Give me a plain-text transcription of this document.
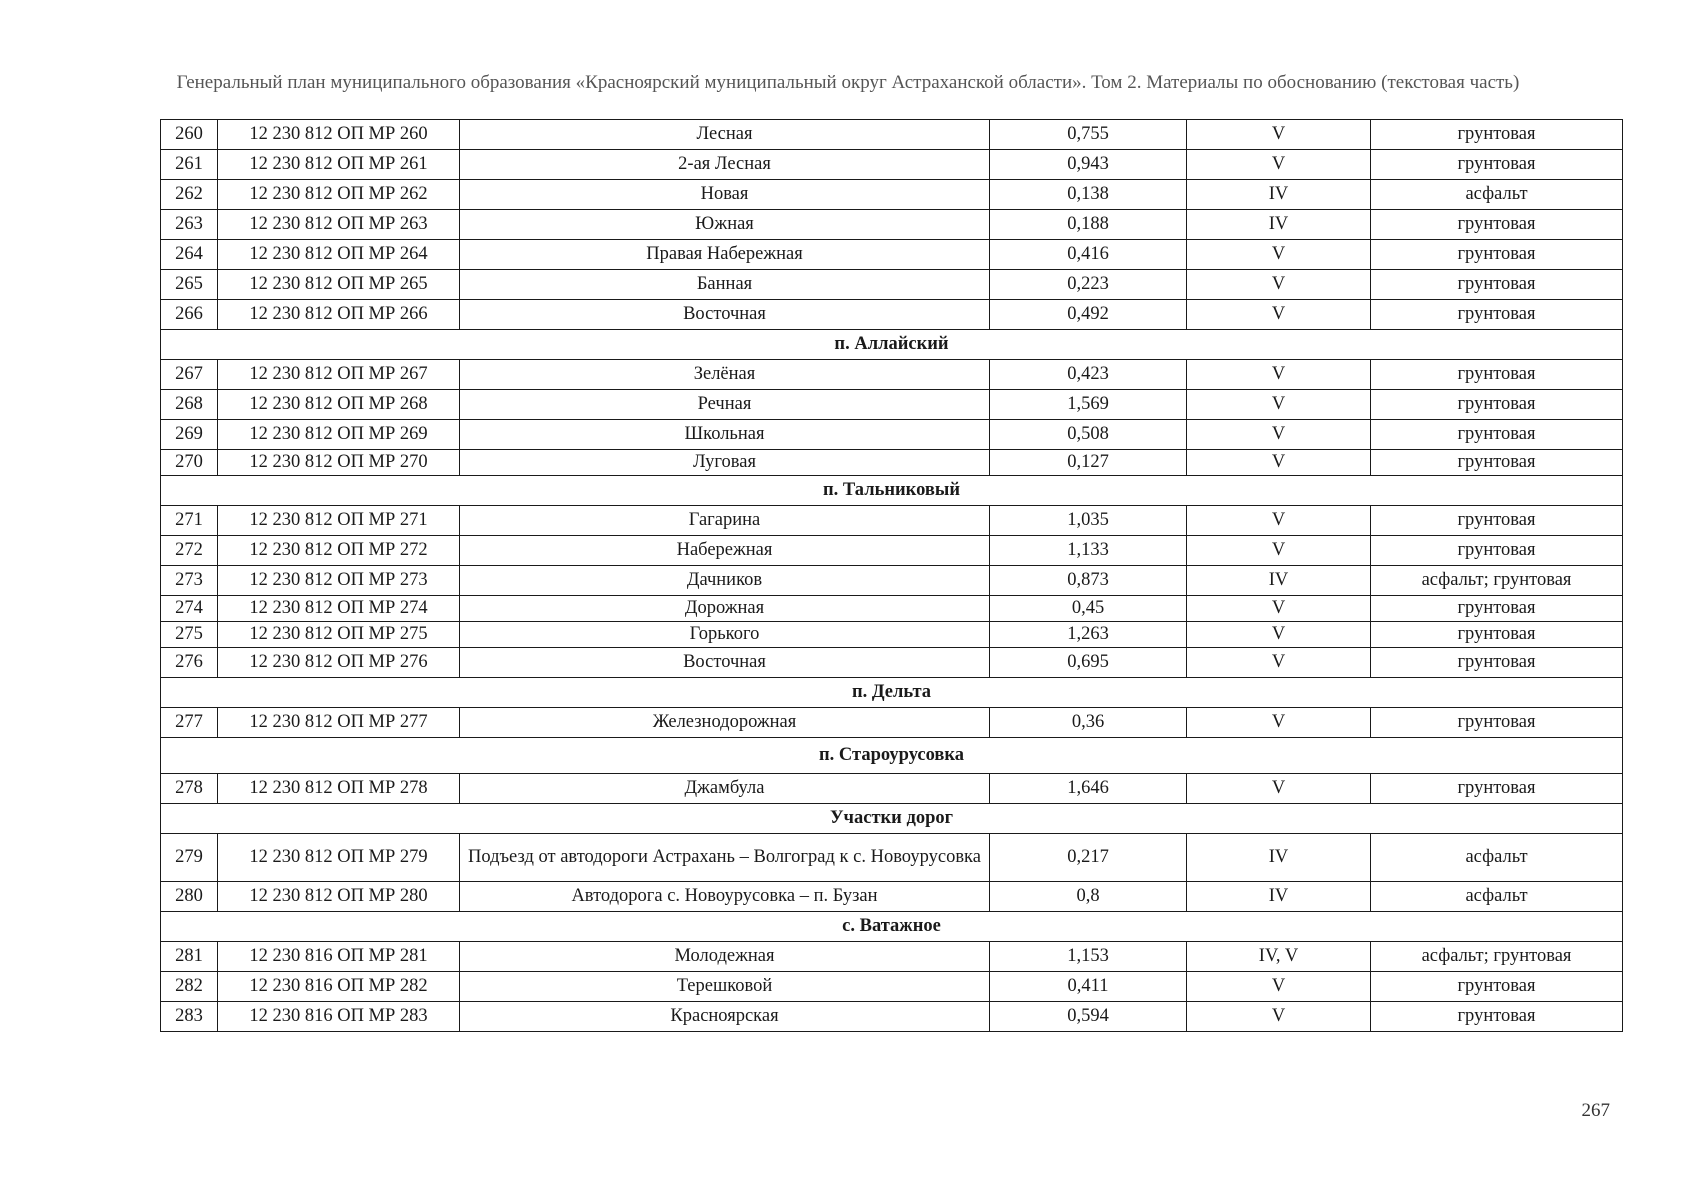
Генеральный план муниципального образования «Красноярский муниципальный округ Астраханской области». Том 2. Материалы по обоснованию (текстовая часть)
260	12 230 812 ОП МР 260	Лесная	0,755	V	грунтовая
261	12 230 812 ОП МР 261	2-ая Лесная	0,943	V	грунтовая
262	12 230 812 ОП МР 262	Новая	0,138	IV	асфальт
263	12 230 812 ОП МР 263	Южная	0,188	IV	грунтовая
264	12 230 812 ОП МР 264	Правая Набережная	0,416	V	грунтовая
265	12 230 812 ОП МР 265	Банная	0,223	V	грунтовая
266	12 230 812 ОП МР 266	Восточная	0,492	V	грунтовая
п. Аллайский					
267	12 230 812 ОП МР 267	Зелёная	0,423	V	грунтовая
268	12 230 812 ОП МР 268	Речная	1,569	V	грунтовая
269	12 230 812 ОП МР 269	Школьная	0,508	V	грунтовая
270	12 230 812 ОП МР 270	Луговая	0,127	V	грунтовая
п. Тальниковый					
271	12 230 812 ОП МР 271	Гагарина	1,035	V	грунтовая
272	12 230 812 ОП МР 272	Набережная	1,133	V	грунтовая
273	12 230 812 ОП МР 273	Дачников	0,873	IV	асфальт; грунтовая
274	12 230 812 ОП МР 274	Дорожная	0,45	V	грунтовая
275	12 230 812 ОП МР 275	Горького	1,263	V	грунтовая
276	12 230 812 ОП МР 276	Восточная	0,695	V	грунтовая
п. Дельта					
277	12 230 812 ОП МР 277	Железнодорожная	0,36	V	грунтовая
п. Староурусовка					
278	12 230 812 ОП МР 278	Джамбула	1,646	V	грунтовая
Участки дорог					
279	12 230 812 ОП МР 279	Подъезд от автодороги Астрахань – Волгоград к с. Новоурусовка	0,217	IV	асфальт
280	12 230 812 ОП МР 280	Автодорога с. Новоурусовка – п. Бузан	0,8	IV	асфальт
с. Ватажное					
281	12 230 816 ОП МР 281	Молодежная	1,153	IV, V	асфальт; грунтовая
282	12 230 816 ОП МР 282	Терешковой	0,411	V	грунтовая
283	12 230 816 ОП МР 283	Красноярская	0,594	V	грунтовая
267
